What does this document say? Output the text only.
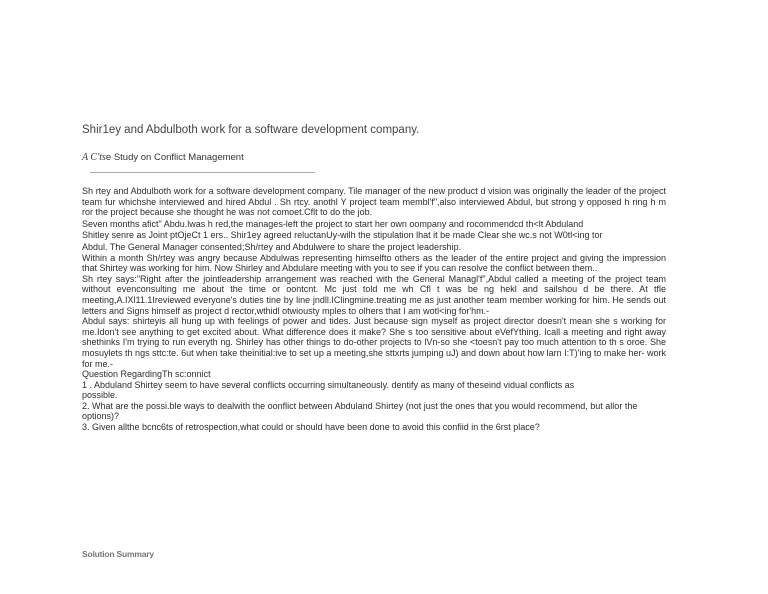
Shir1ey and Abdulboth work for a software development company.
A C'tse Study on Conflict Management

Sh rtey and Abdulboth work for a software development company. Tile manager of the new product d vision was originally the leader of the project team fur whichshe interviewed and hired Abdul . Sh rtcy. anothl Y project team membl'f",also interviewed Abdul, but strong y opposed h ring h m ror the project because she thought he was not comoet.Cflt to do the job.

Seven months afict" Abdu.lwas h red,the manages-left the project to start her own oompany and rocommendcd th<lt Abduland

Shitley senre as Joint ptOjeCt 1 ers.. Shir1ey agreed reluctanUy-wilh the stipulation lhat it be made Clear she wc.s not W0tl<ing tor

Abdul. The General Manager consented;Sh/rtey and Abdulwere to share the project leadership.

Within a month Sh/rtey was angry because Abdulwas representing himselfto others as the leader of the entire project and giving the impression that Shirtey was working for him. Now Shirley and Abdulare meeting with you to see if you can resolve the conflict between them..

Sh rtey says:"Right after the jointleadership arrangement was reached with the General Managl'f",Abdul called a meeting of the project team without evenconsulting me about the time or oontcnt. Mc just told me wh Cfl t was be ng hekl and sailshou d be there. At tfle meeting,A.IXl11.1Ireviewed everyone's duties tine by line jndll.IClingmine.treating me as just another team member working for him. He sends out letters and Signs himself as project d rector,wthidl otwiousty mples to olhers that I am wotl<ing for'hm.-

Abdul says: shirteyis all hung up with feelings of power and tides. Just because sign myself as project director doesn't mean she s working for me.Idon't see anything to get excited about. What difference does it make? She s too sensitive about eVefYthing. Icall a meeting and right away shethinks I'm trying to run everyth ng. Shirley has other things to do-other projects to lVn-so she <toesn't pay too much attention to th s oroe. She mosuylets th ngs sttc:te. 6ut when take theinitial:ive to set up a meeting,she sttxrts jumping uJ) and down about how larn I:T)'ing to make her- work for me.-

Question RegardingTh sc:onnict

1 . Abduland Shirtey seem to have several conflicts occurring simultaneously. dentify as many of theseind vidual conflicts as

possible.

2. What are the possi.ble ways to dealwith the oonflict between Abduland Shirtey (not just the ones that you would recommend, but allor the options)?

3. Given allthe bcnc6ts of retrospection,what could or should have been done to avoid this confiid in the 6rst place?

Solution Summary
